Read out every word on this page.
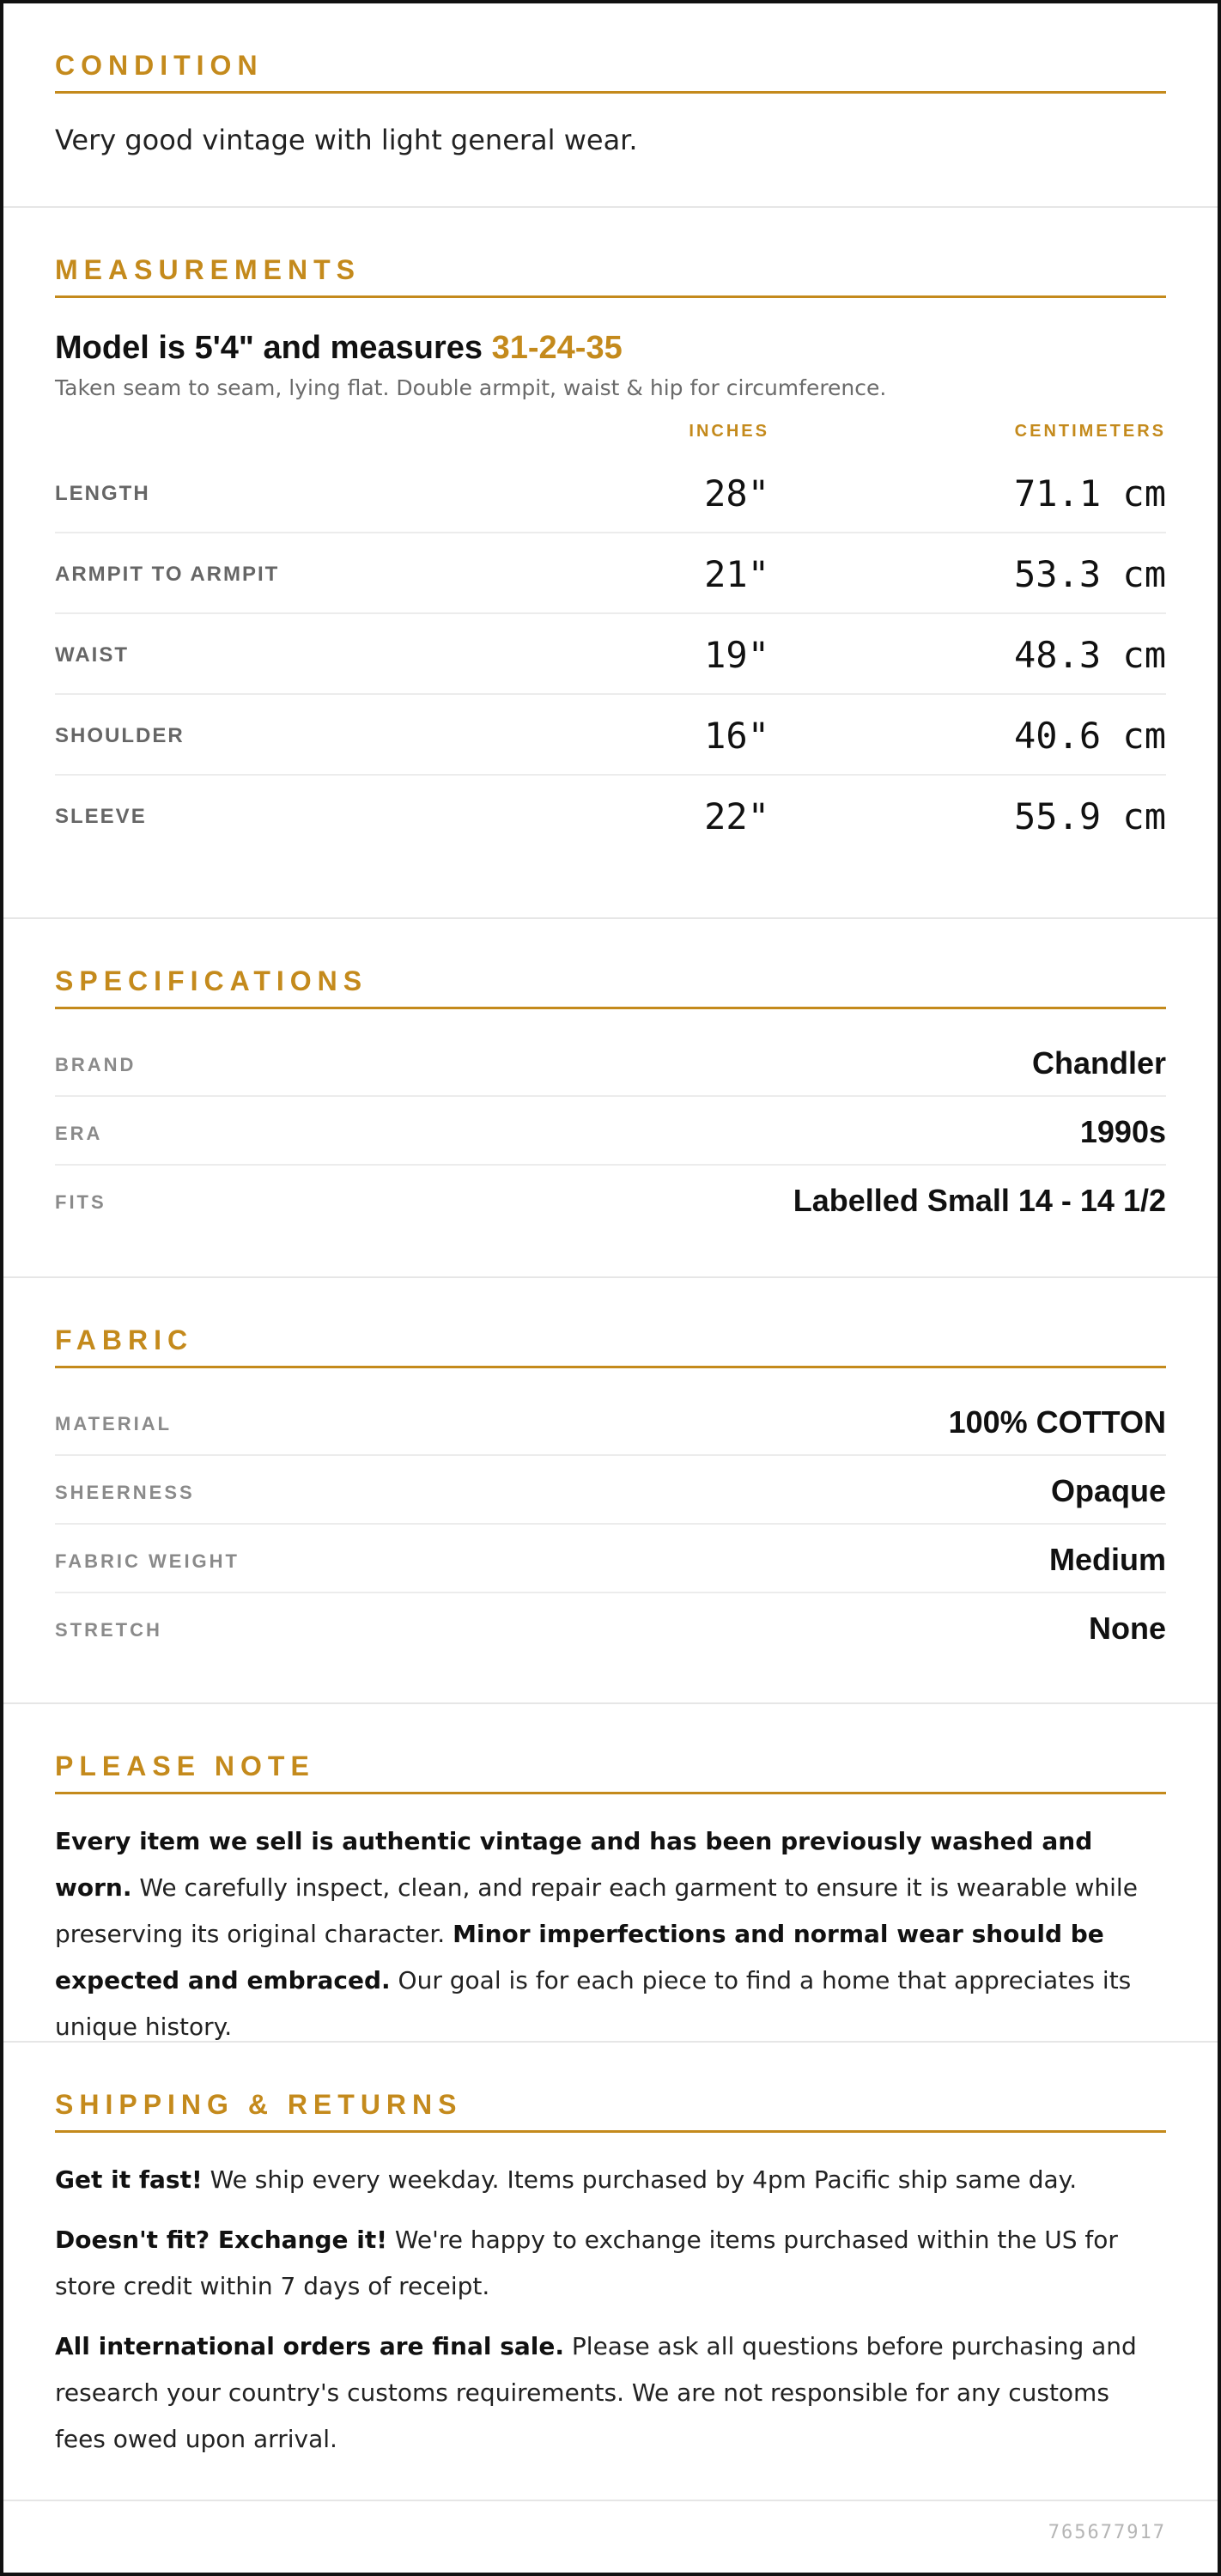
CONDITION

Very good vintage with light general wear.

MEASUREMENTS
Model is 5'4" and measures 31-24-35

Taken seam to seam, lying flat. Double armpit, waist & hip for circumference.

INCHES	CENTIMETERS
LENGTH	28"	71.1 cm
ARMPIT TO ARMPIT	21"	53.3 cm
WAIST	19"	48.3 cm
SHOULDER	16"	40.6 cm
SLEEVE	22"	55.9 cm
SPECIFICATIONS
BRAND	Chandler
ERA	1990s
FITS	Labelled Small 14 - 14 1/2
FABRIC
MATERIAL	100% COTTON
SHEERNESS	Opaque
FABRIC WEIGHT	Medium
STRETCH	None
PLEASE NOTE

Every item we sell is authentic vintage and has been previously washed and worn. We carefully inspect, clean, and repair each garment to ensure it is wearable while preserving its original character. Minor imperfections and normal wear should be expected and embraced. Our goal is for each piece to find a home that appreciates its unique history.

SHIPPING & RETURNS

Get it fast! We ship every weekday. Items purchased by 4pm Pacific ship same day.

Doesn't fit? Exchange it! We're happy to exchange items purchased within the US for store credit within 7 days of receipt.

All international orders are final sale. Please ask all questions before purchasing and research your country's customs requirements. We are not responsible for any customs fees owed upon arrival.

765677917
